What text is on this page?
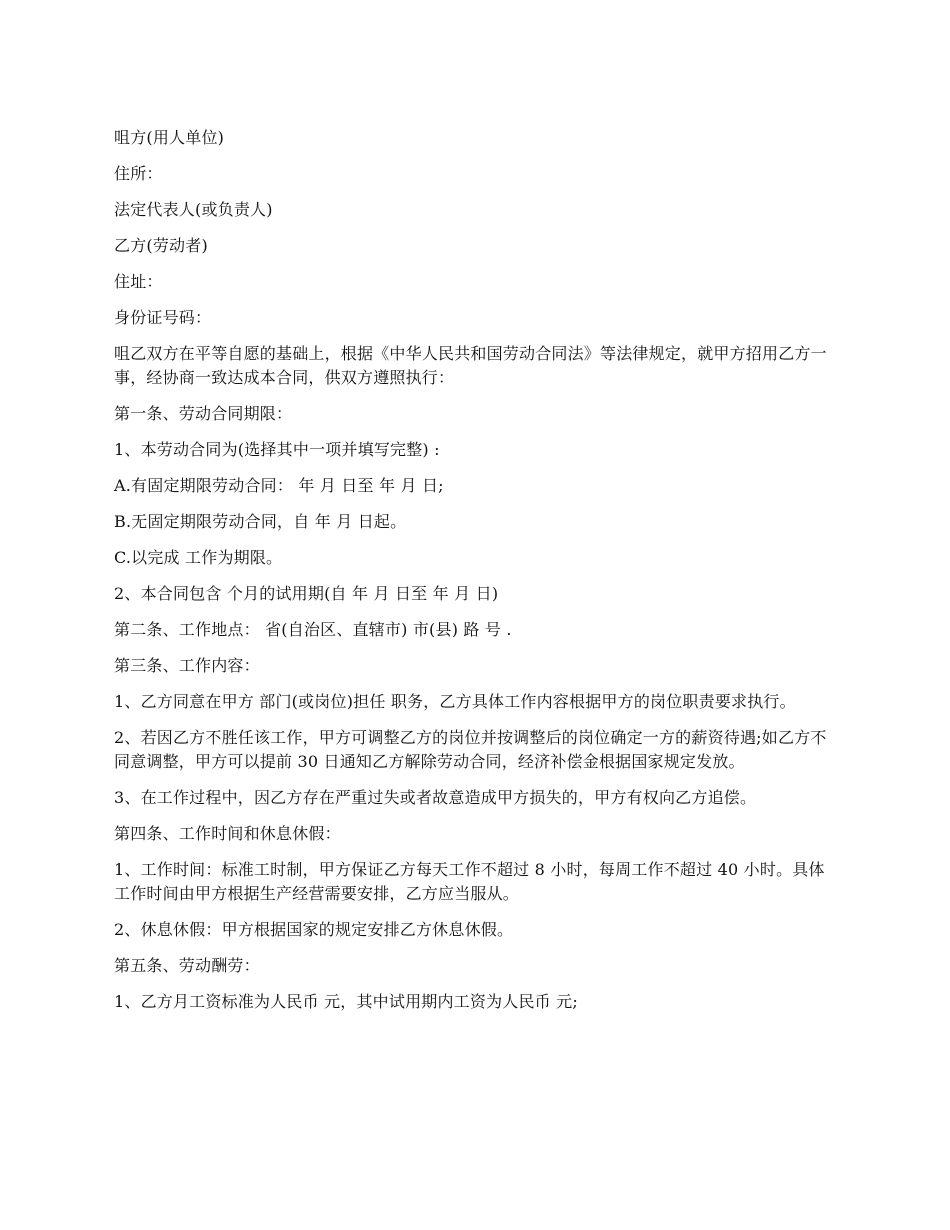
咀方(用人单位)

住所：

法定代表人(或负责人)

乙方(劳动者)

住址：

身份证号码：

咀乙双方在平等自愿的基础上，根据《中华人民共和国劳动合同法》等法律规定，就甲方招用乙方一事，经协商一致达成本合同，供双方遵照执行：

第一条、劳动合同期限：

1、本劳动合同为(选择其中一项并填写完整) :

A.有固定期限劳动合同： 年 月 日至 年 月 日;

B.无固定期限劳动合同，自 年 月 日起。

C.以完成 工作为期限。

2、本合同包含 个月的试用期(自 年 月 日至 年 月 日)

第二条、工作地点： 省(自治区、直辖市) 市(县) 路 号 .

第三条、工作内容：

1、乙方同意在甲方 部门(或岗位)担任 职务，乙方具体工作内容根据甲方的岗位职责要求执行。

2、若因乙方不胜任该工作，甲方可调整乙方的岗位并按调整后的岗位确定一方的薪资待遇;如乙方不同意调整，甲方可以提前 30 日通知乙方解除劳动合同，经济补偿金根据国家规定发放。

3、在工作过程中，因乙方存在严重过失或者故意造成甲方损失的，甲方有权向乙方追偿。

第四条、工作时间和休息休假：

1、工作时间：标准工时制，甲方保证乙方每天工作不超过 8 小时，每周工作不超过 40 小时。具体工作时间由甲方根据生产经营需要安排，乙方应当服从。

2、休息休假：甲方根据国家的规定安排乙方休息休假。

第五条、劳动酬劳：

1、乙方月工资标准为人民币 元，其中试用期内工资为人民币 元;
